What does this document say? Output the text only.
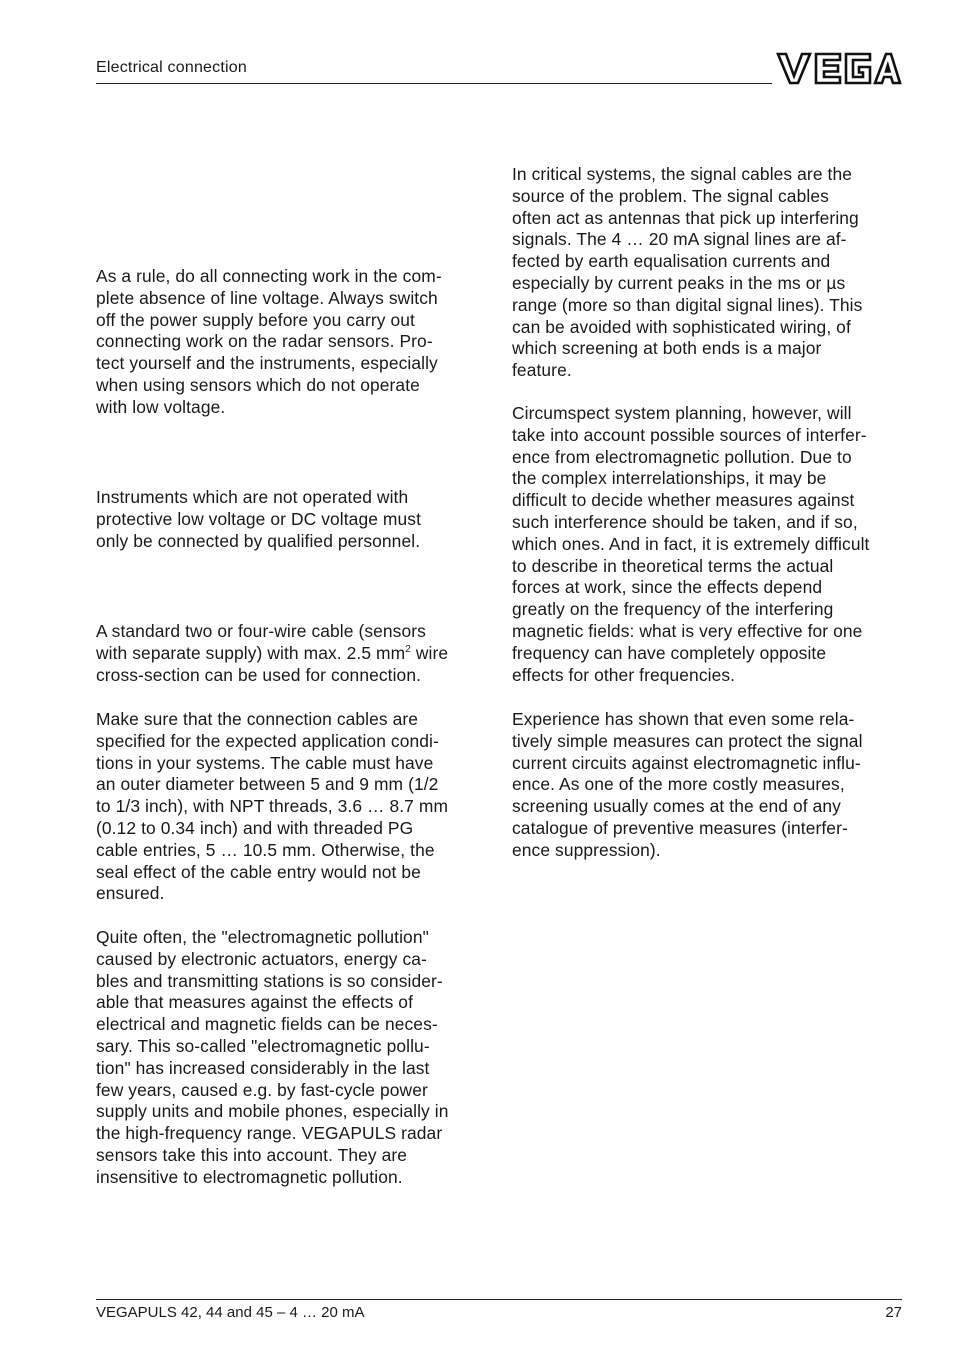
Electrical connection

As a rule, do all connecting work in the com-
plete absence of line voltage. Always switch
off the power supply before you carry out
connecting work on the radar sensors. Pro-
tect yourself and the instruments, especially
when using sensors which do not operate
with low voltage.

Instruments which are not operated with
protective low voltage or DC voltage must
only be connected by qualified personnel.

A standard two or four-wire cable (sensors
with separate supply) with max. 2.5 $mm^2$ wire
cross-section can be used for connection.

Make sure that the connection cables are
specified for the expected application condi-
tions in your systems. The cable must have
an outer diameter between 5 and 9 mm (1/2
to 1/3 inch), with NPT threads, 3.6 … 8.7 mm
(0.12 to 0.34 inch) and with threaded PG
cable entries, 5 … 10.5 mm. Otherwise, the
seal effect of the cable entry would not be
ensured.

Quite often, the "electromagnetic pollution"
caused by electronic actuators, energy ca-
bles and transmitting stations is so consider-
able that measures against the effects of
electrical and magnetic fields can be neces-
sary. This so-called "electromagnetic pollu-
tion" has increased considerably in the last
few years, caused e.g. by fast-cycle power
supply units and mobile phones, especially in
the high-frequency range. VEGAPULS radar
sensors take this into account. They are
insensitive to electromagnetic pollution.

In critical systems, the signal cables are the
source of the problem. The signal cables
often act as antennas that pick up interfering
signals. The 4 … 20 mA signal lines are af-
fected by earth equalisation currents and
especially by current peaks in the ms or µs
range (more so than digital signal lines). This
can be avoided with sophisticated wiring, of
which screening at both ends is a major
feature.

Circumspect system planning, however, will
take into account possible sources of interfer-
ence from electromagnetic pollution. Due to
the complex interrelationships, it may be
difficult to decide whether measures against
such interference should be taken, and if so,
which ones. And in fact, it is extremely difficult
to describe in theoretical terms the actual
forces at work, since the effects depend
greatly on the frequency of the interfering
magnetic fields: what is very effective for one
frequency can have completely opposite
effects for other frequencies.

Experience has shown that even some rela-
tively simple measures can protect the signal
current circuits against electromagnetic influ-
ence. As one of the more costly measures,
screening usually comes at the end of any
catalogue of preventive measures (interfer-
ence suppression).

VEGAPULS 42, 44 and 45 – 4 … 20 mA	27
